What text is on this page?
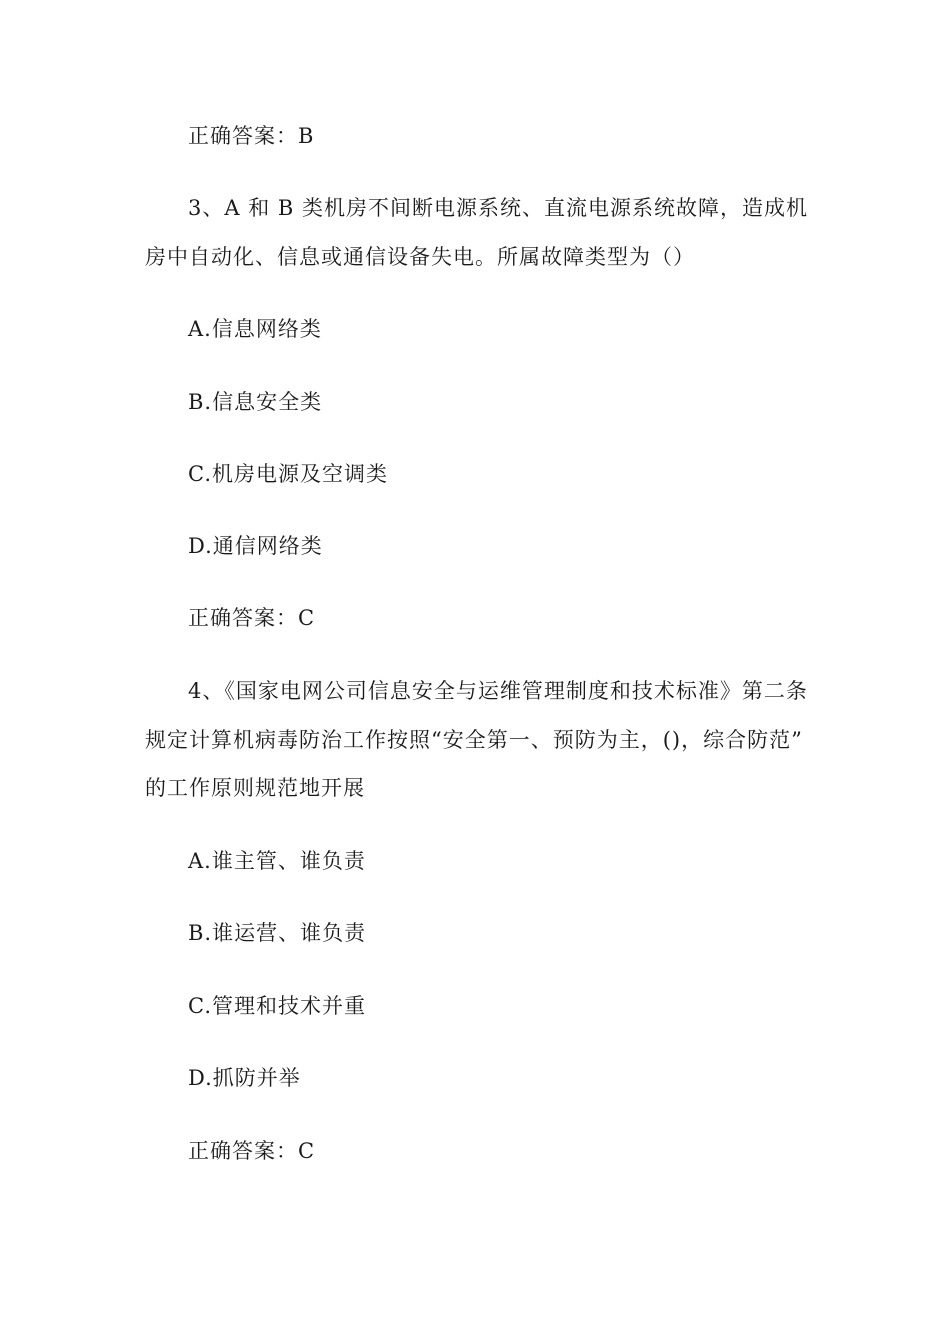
正确答案：B
3、A 和 B 类机房不间断电源系统、直流电源系统故障，造成机
房中自动化、信息或通信设备失电。所属故障类型为（）
A.信息网络类
B.信息安全类
C.机房电源及空调类
D.通信网络类
正确答案：C
4、《国家电网公司信息安全与运维管理制度和技术标准》第二条
规定计算机病毒防治工作按照“安全第一、预防为主，()，综合防范”
的工作原则规范地开展
A.谁主管、谁负责
B.谁运营、谁负责
C.管理和技术并重
D.抓防并举
正确答案：C
